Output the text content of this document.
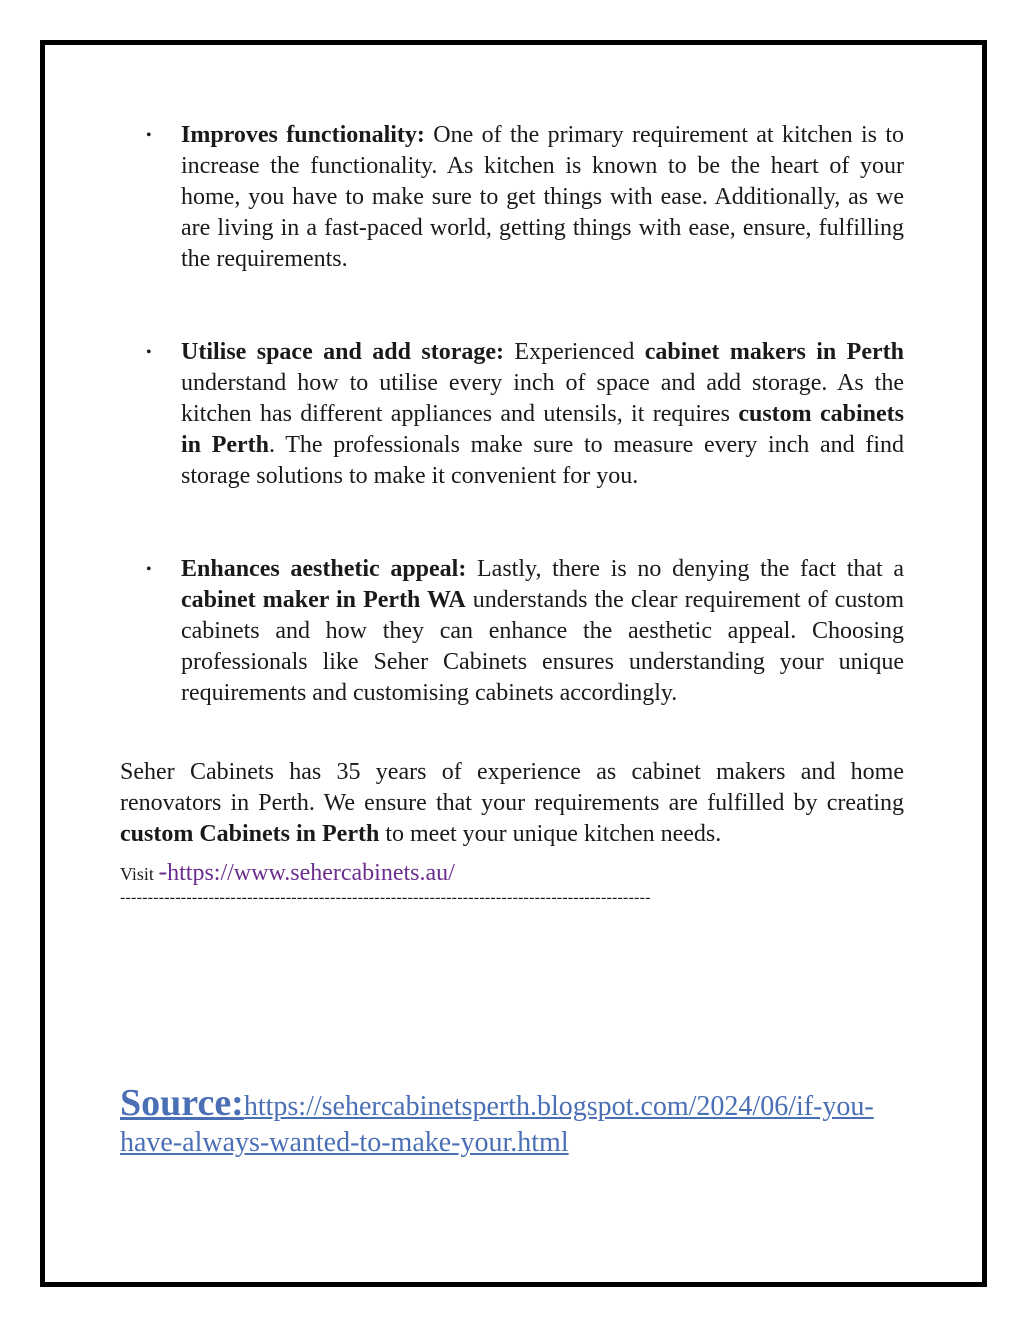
• Improves functionality: One of the primary requirement at kitchen is to increase the functionality. As kitchen is known to be the heart of your home, you have to make sure to get things with ease. Additionally, as we are living in a fast-paced world, getting things with ease, ensure, fulfilling the requirements.
• Utilise space and add storage: Experienced cabinet makers in Perth understand how to utilise every inch of space and add storage. As the kitchen has different appliances and utensils, it requires custom cabinets in Perth. The professionals make sure to measure every inch and find storage solutions to make it convenient for you.
• Enhances aesthetic appeal: Lastly, there is no denying the fact that a cabinet maker in Perth WA understands the clear requirement of custom cabinets and how they can enhance the aesthetic appeal. Choosing professionals like Seher Cabinets ensures understanding your unique requirements and customising cabinets accordingly.

Seher Cabinets has 35 years of experience as cabinet makers and home renovators in Perth. We ensure that your requirements are fulfilled by creating custom Cabinets in Perth to meet your unique kitchen needs.

Visit -https://www.sehercabinets.au/
------------------------------------------------------------------------------------------------
Source:https://sehercabinetsperth.blogspot.com/2024/06/if-you-have-always-wanted-to-make-your.html
